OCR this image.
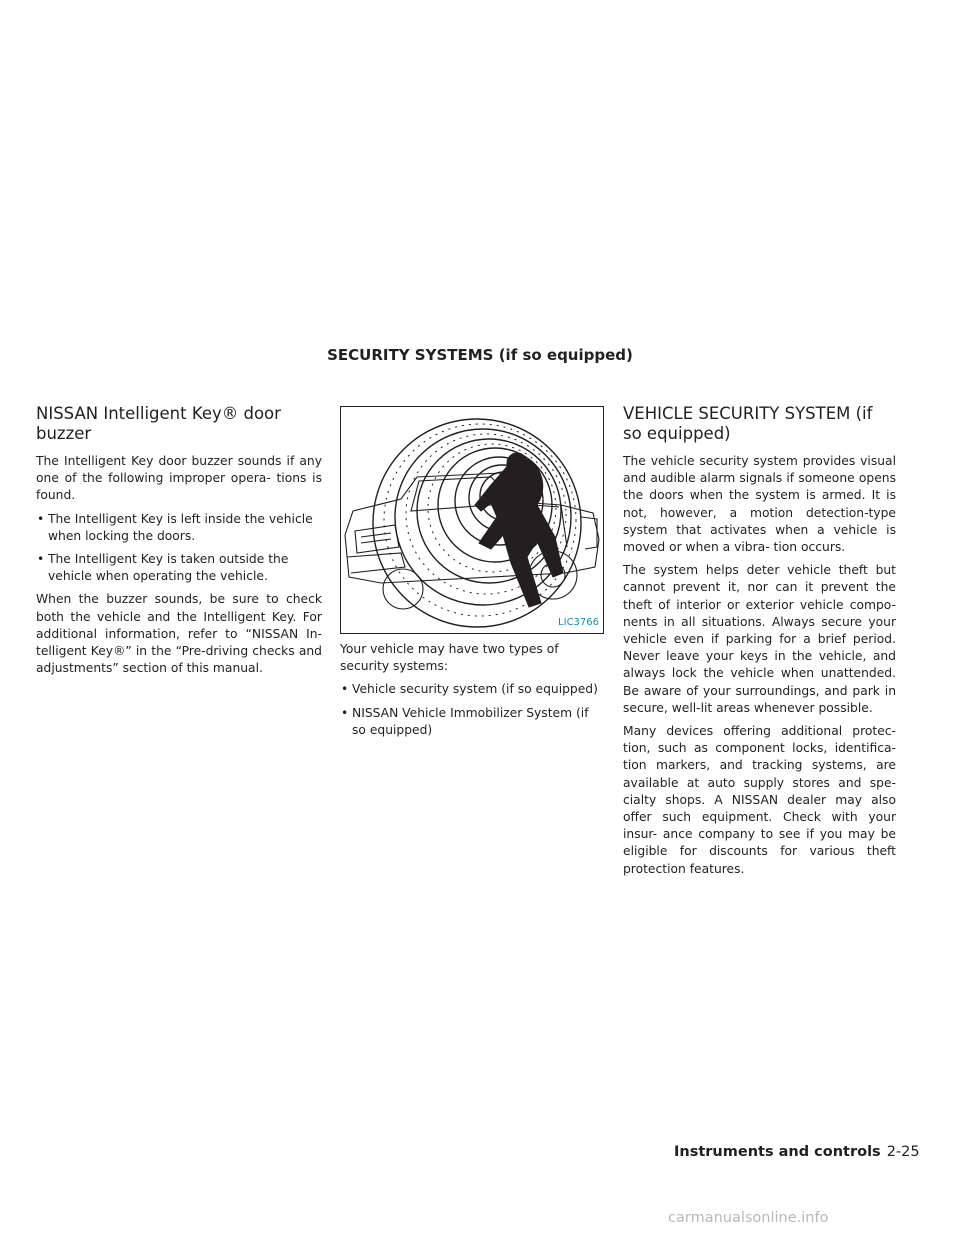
SECURITY SYSTEMS (if so equipped)
NISSAN Intelligent Key® door buzzer

The Intelligent Key door buzzer sounds if any one of the following improper opera- tions is found.

• The Intelligent Key is left inside the vehicle when locking the doors.
• The Intelligent Key is taken outside the vehicle when operating the vehicle.

When the buzzer sounds, be sure to check both the vehicle and the Intelligent Key. For additional information, refer to “NISSAN In- telligent Key®” in the “Pre-driving checks and adjustments” section of this manual.

LIC3766

Your vehicle may have two types of security systems:

• Vehicle security system (if so equipped)
• NISSAN Vehicle Immobilizer System (if so equipped)
VEHICLE SECURITY SYSTEM (if so equipped)

The vehicle security system provides visual and audible alarm signals if someone opens the doors when the system is armed. It is not, however, a motion detection-type system that activates when a vehicle is moved or when a vibra- tion occurs.

The system helps deter vehicle theft but cannot prevent it, nor can it prevent the theft of interior or exterior vehicle compo- nents in all situations. Always secure your vehicle even if parking for a brief period. Never leave your keys in the vehicle, and always lock the vehicle when unattended. Be aware of your surroundings, and park in secure, well-lit areas whenever possible.

Many devices offering additional protec- tion, such as component locks, identifica- tion markers, and tracking systems, are available at auto supply stores and spe- cialty shops. A NISSAN dealer may also offer such equipment. Check with your insur- ance company to see if you may be eligible for discounts for various theft protection features.

Instruments and controls 2-25
carmanualsonline.info
